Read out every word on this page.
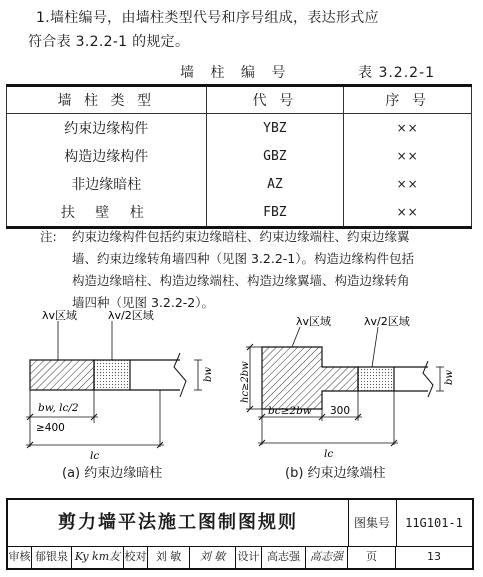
1.墙柱编号，由墙柱类型代号和序号组成，表达形式应
符合表 3.2.2-1 的规定。
墙 柱 编 号	表 3.2.2-1
墙 柱 类 型	代 号	序 号
约束边缘构件	YBZ	××
构造边缘构件	GBZ	××
非边缘暗柱	AZ	××
扶 壁 柱	FBZ	××
注: 约束边缘构件包括约束边缘暗柱、约束边缘端柱、约束边缘翼
墙、约束边缘转角墙四种（见图 3.2.2-1）。构造边缘构件包括
构造边缘暗柱、构造边缘端柱、构造边缘翼墙、构造边缘转角
墙四种（见图 3.2.2-2）。
λv区域	λv/2区域
bw
bw, lc/2
≥400
lc
λv区域	λv/2区域
hc≥2bw	bw
bc≥2bw 300
lc
(a) 约束边缘暗柱	(b) 约束边缘端柱
剪力墙平法施工图制图规则	图集号	11G101-1
审核 郁银泉 Ky km友 校对 刘 敏	刘 敏	设计 高志强 高志强	页	13
